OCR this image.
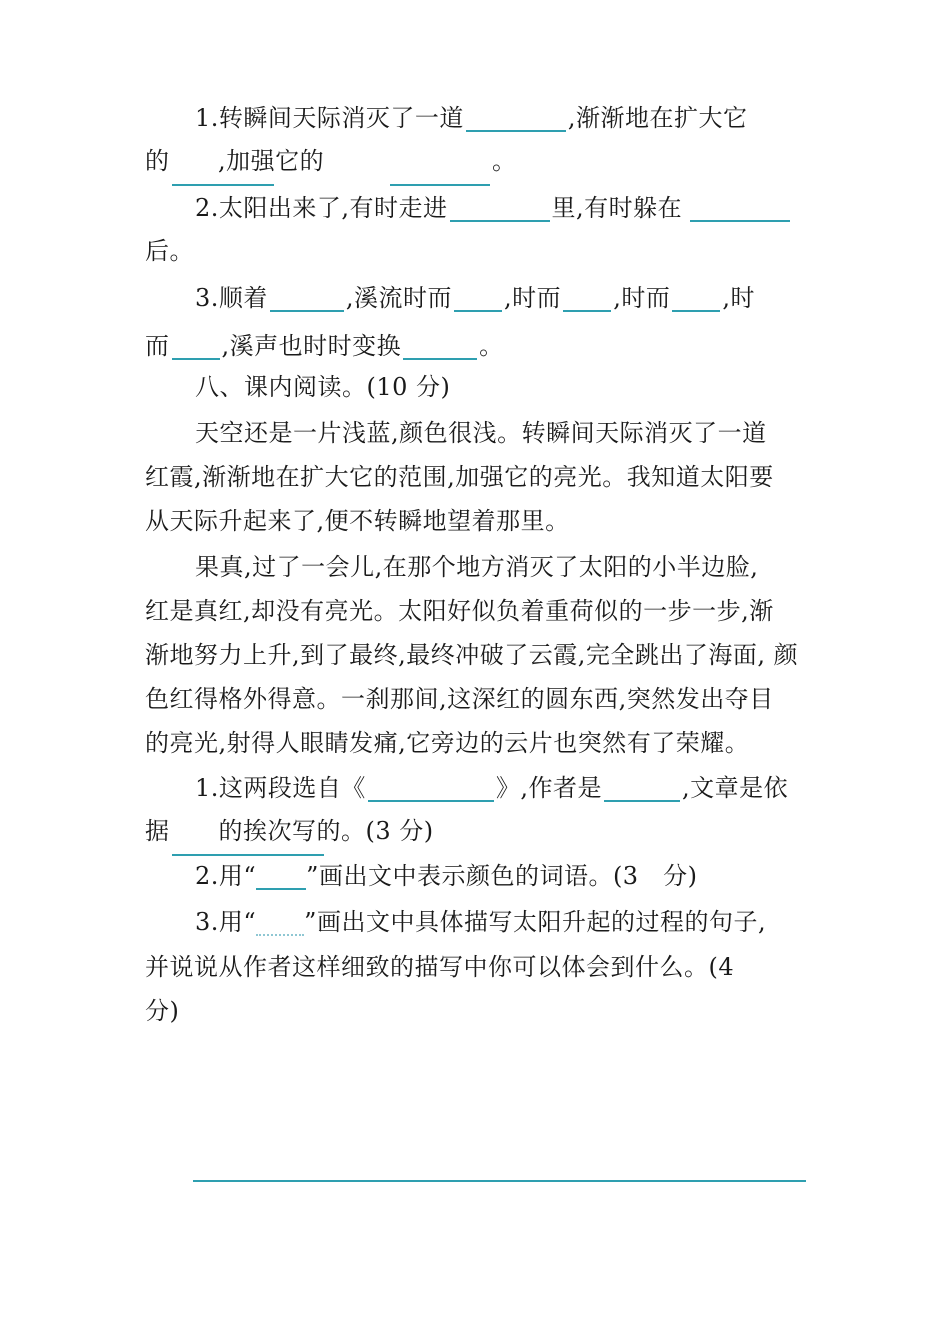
1.转瞬间天际消灭了一道	,渐渐地在扩大它
的 ,加强它的	。
2.太阳出来了,有时走进	里,有时躲在
后。
3.顺着	,溪流时而 ,时而 ,时而 ,时
而 ,溪声也时时变换	。
八、课内阅读。(10 分)
天空还是一片浅蓝,颜色很浅。转瞬间天际消灭了一道
红霞,渐渐地在扩大它的范围,加强它的亮光。我知道太阳要
从天际升起来了,便不转瞬地望着那里。
果真,过了一会儿,在那个地方消灭了太阳的小半边脸,
红是真红,却没有亮光。太阳好似负着重荷似的一步一步,渐
渐地努力上升,到了最终,最终冲破了云霞,完全跳出了海面, 颜
色红得格外得意。一刹那间,这深红的圆东西,突然发出夺目
的亮光,射得人眼睛发痛,它旁边的云片也突然有了荣耀。
1.这两段选自《	》,作者是	,文章是依
据　　的挨次写的。(3 分)
2.用“ ”画出文中表示颜色的词语。(3　分)
3.用“ ”画出文中具体描写太阳升起的过程的句子,
并说说从作者这样细致的描写中你可以体会到什么。(4
分)
